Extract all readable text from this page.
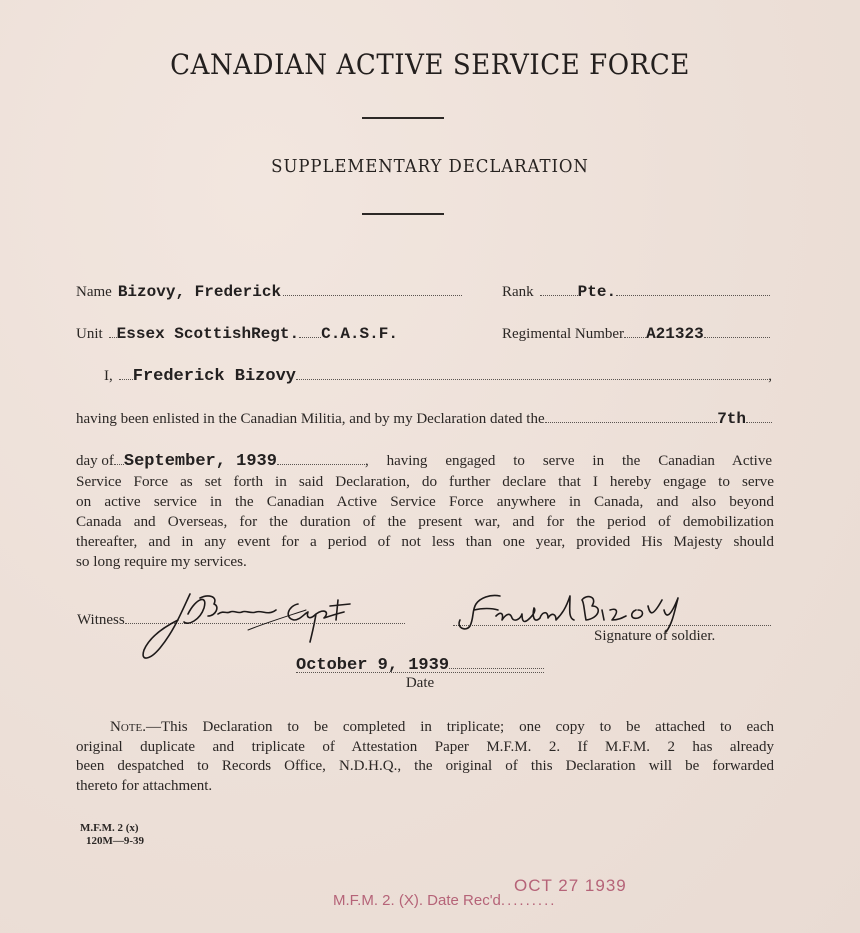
CANADIAN ACTIVE SERVICE FORCE
SUPPLEMENTARY DECLARATION
Name Bizovy, Frederick	Rank	Pte.
Unit Essex ScottishRegt. C.A.S.F.	Regimental Number A21323
I, Frederick Bizovy	,
having been enlisted in the Canadian Militia, and by my Declaration dated the	7th
day of September, 1939	, having engaged to serve in the Canadian Active
Service Force as set forth in said Declaration, do further declare that I hereby engage to serve
on active service in the Canadian Active Service Force anywhere in Canada, and also beyond
Canada and Overseas, for the duration of the present war, and for the period of demobilization
thereafter, and in any event for a period of not less than one year, provided His Majesty should
so long require my services.
Witness
Signature of soldier.
October 9, 1939
Date
Note.—This Declaration to be completed in triplicate; one copy to be attached to each
original duplicate and triplicate of Attestation Paper M.F.M. 2. If M.F.M. 2 has already
been despatched to Records Office, N.D.H.Q., the original of this Declaration will be forwarded
thereto for attachment.
M.F.M. 2 (x)
120M—9-39
M.F.M. 2. (X). Date Rec'd.........
OCT 27 1939
